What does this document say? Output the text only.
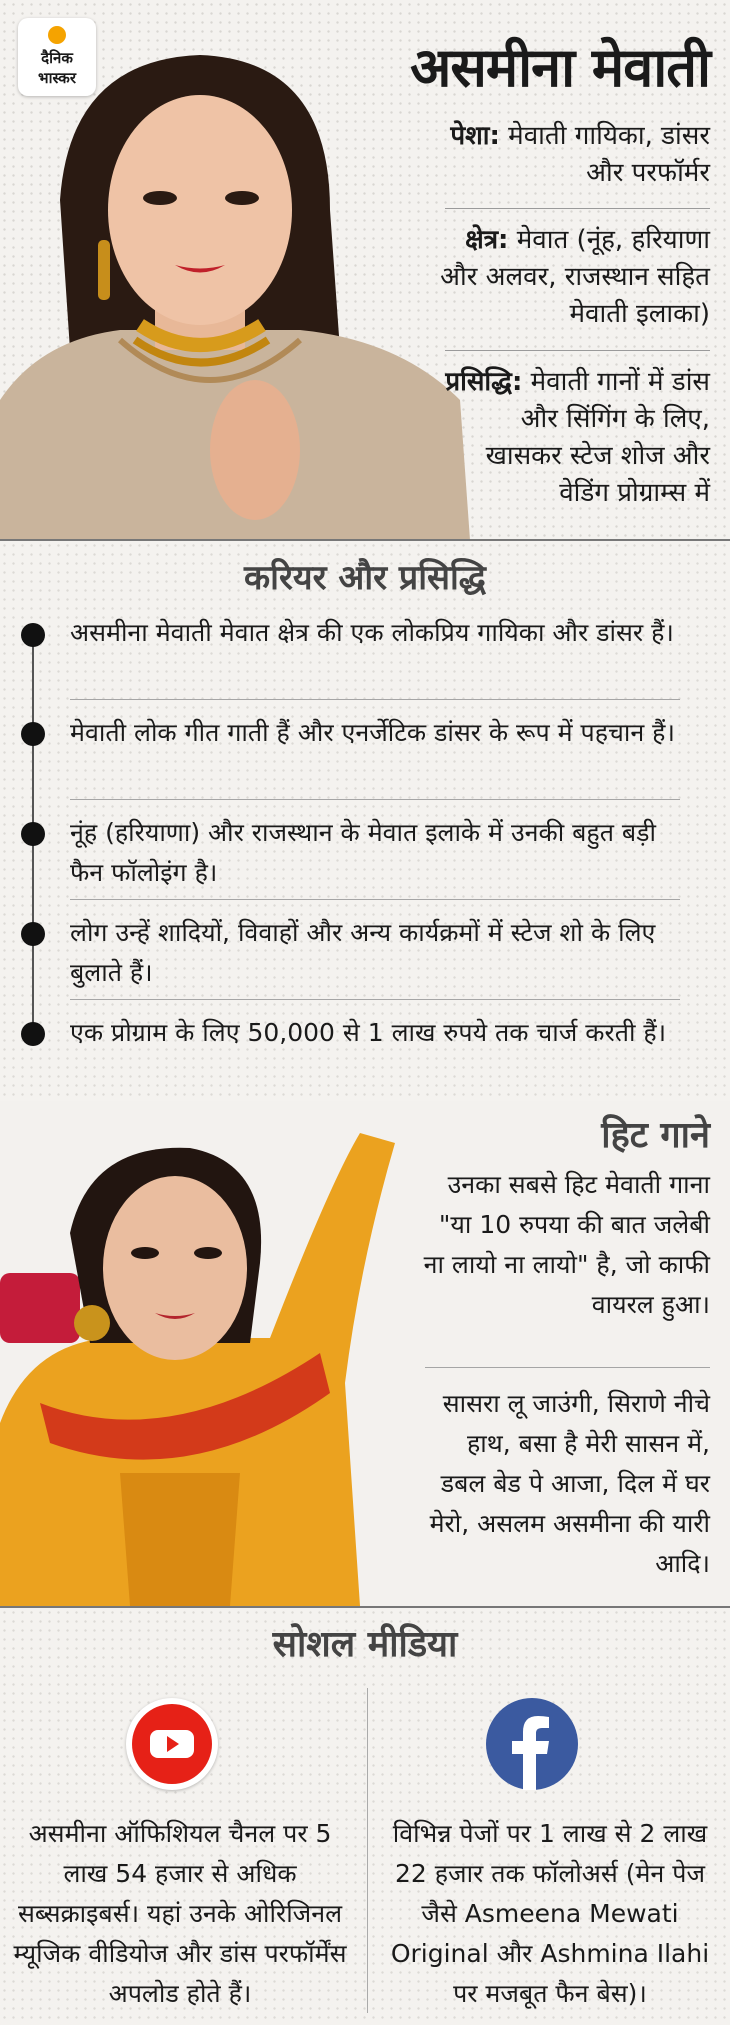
दैनिक
भास्कर	असमीना मेवाती
पेशा: मेवाती गायिका, डांसर और परफॉर्मर
क्षेत्र: मेवात (नूंह, हरियाणा और अलवर, राजस्थान सहित मेवाती इलाका)
प्रसिद्धि: मेवाती गानों में डांस और सिंगिंग के लिए, खासकर स्टेज शोज और वेडिंग प्रोग्राम्स में
करियर और प्रसिद्धि
असमीना मेवाती मेवात क्षेत्र की एक लोकप्रिय गायिका और डांसर हैं।
मेवाती लोक गीत गाती हैं और एनर्जेटिक डांसर के रूप में पहचान हैं।
नूंह (हरियाणा) और राजस्थान के मेवात इलाके में उनकी बहुत बड़ी फैन फॉलोइंग है।
लोग उन्हें शादियों, विवाहों और अन्य कार्यक्रमों में स्टेज शो के लिए बुलाते हैं।
एक प्रोग्राम के लिए 50,000 से 1 लाख रुपये तक चार्ज करती हैं।
हिट गाने
उनका सबसे हिट मेवाती गाना "या 10 रुपया की बात जलेबी ना लायो ना लायो" है, जो काफी वायरल हुआ।
सासरा लू जाउंगी, सिराणे नीचे हाथ, बसा है मेरी सासन में, डबल बेड पे आजा, दिल में घर मेरो, असलम असमीना की यारी आदि।
सोशल मीडिया
असमीना ऑफिशियल चैनल पर 5 लाख 54 हजार से अधिक सब्सक्राइबर्स। यहां उनके ओरिजिनल म्यूजिक वीडियोज और डांस परफॉर्मेंस अपलोड होते हैं।
विभिन्न पेजों पर 1 लाख से 2 लाख 22 हजार तक फॉलोअर्स (मेन पेज जैसे Asmeena Mewati Original और Ashmina Ilahi पर मजबूत फैन बेस)।
